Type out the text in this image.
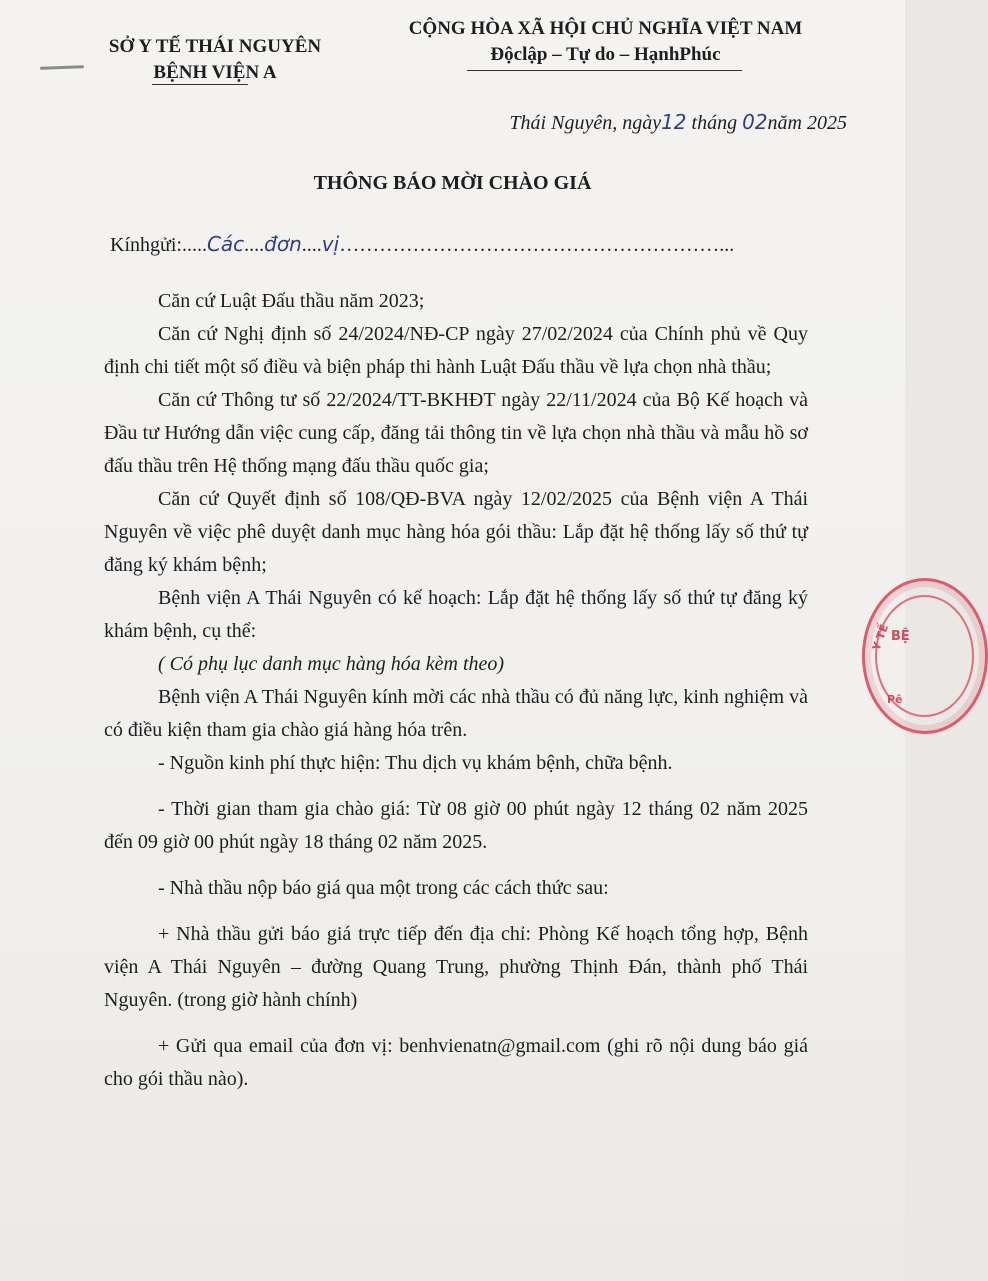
SỞ Y TẾ THÁI NGUYÊN
BỆNH VIỆN A
CỘNG HÒA XÃ HỘI CHỦ NGHĨA VIỆT NAM
Độclập – Tự do – HạnhPhúc
Thái Nguyên, ngày12 tháng 02năm 2025
THÔNG BÁO MỜI CHÀO GIÁ
Kínhgửi:.....Các....đơn....vị…………………………………………………...

Căn cứ Luật Đấu thầu năm 2023;

Căn cứ Nghị định số 24/2024/NĐ-CP ngày 27/02/2024 của Chính phủ về Quy định chi tiết một số điều và biện pháp thi hành Luật Đấu thầu về lựa chọn nhà thầu;

Căn cứ Thông tư số 22/2024/TT-BKHĐT ngày 22/11/2024 của Bộ Kế hoạch và Đầu tư Hướng dẫn việc cung cấp, đăng tải thông tin về lựa chọn nhà thầu và mẫu hồ sơ đấu thầu trên Hệ thống mạng đấu thầu quốc gia;

Căn cứ Quyết định số 108/QĐ-BVA ngày 12/02/2025 của Bệnh viện A Thái Nguyên về việc phê duyệt danh mục hàng hóa gói thầu: Lắp đặt hệ thống lấy số thứ tự đăng ký khám bệnh;

Bệnh viện A Thái Nguyên có kế hoạch: Lắp đặt hệ thống lấy số thứ tự đăng ký khám bệnh, cụ thể:

( Có phụ lục danh mục hàng hóa kèm theo)

Bệnh viện A Thái Nguyên kính mời các nhà thầu có đủ năng lực, kinh nghiệm và có điều kiện tham gia chào giá hàng hóa trên.

- Nguồn kinh phí thực hiện: Thu dịch vụ khám bệnh, chữa bệnh.

- Thời gian tham gia chào giá: Từ 08 giờ 00 phút ngày 12 tháng 02 năm 2025 đến 09 giờ 00 phút ngày 18 tháng 02 năm 2025.

- Nhà thầu nộp báo giá qua một trong các cách thức sau:

+ Nhà thầu gửi báo giá trực tiếp đến địa chỉ: Phòng Kế hoạch tổng hợp, Bệnh viện A Thái Nguyên – đường Quang Trung, phường Thịnh Đán, thành phố Thái Nguyên. (trong giờ hành chính)

+ Gửi qua email của đơn vị: benhvienatn@gmail.com (ghi rõ nội dung báo giá cho gói thầu nào).

BỆ
Y TẾ
Pê
